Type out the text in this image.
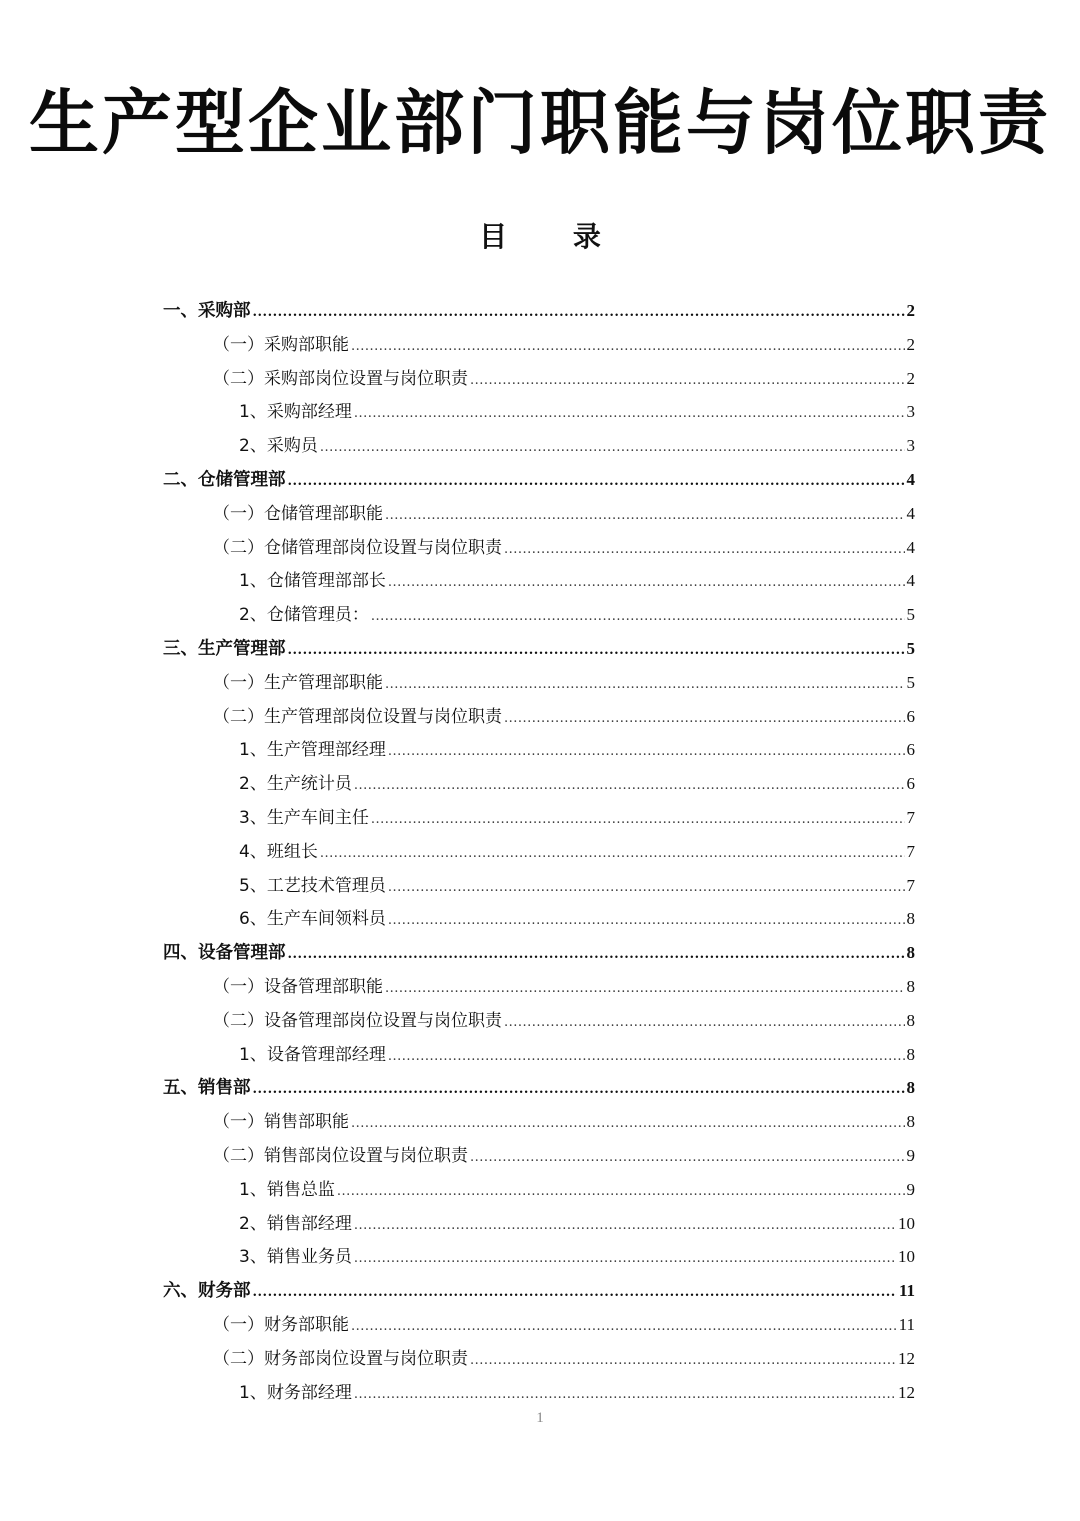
生产型企业部门职能与岗位职责
目 录
一、采购部 .....	2
（一）采购部职能 .....	2
（二）采购部岗位设置与岗位职责 .....	2
1、采购部经理 .....	3
2、采购员 .....	3
二、仓储管理部 .....	4
（一）仓储管理部职能 .....	4
（二）仓储管理部岗位设置与岗位职责 .....	4
1、仓储管理部部长 .....	4
2、仓储管理员： .....	5
三、生产管理部 .....	5
（一）生产管理部职能 .....	5
（二）生产管理部岗位设置与岗位职责 .....	6
1、生产管理部经理 .....	6
2、生产统计员 .....	6
3、生产车间主任 .....	7
4、班组长 .....	7
5、工艺技术管理员 .....	7
6、生产车间领料员 .....	8
四、设备管理部 .....	8
（一）设备管理部职能 .....	8
（二）设备管理部岗位设置与岗位职责 .....	8
1、设备管理部经理 .....	8
五、销售部 .....	8
（一）销售部职能 .....	8
（二）销售部岗位设置与岗位职责 .....	9
1、销售总监 .....	9
2、销售部经理 .....	10
3、销售业务员 .....	10
六、财务部 .....	11
（一）财务部职能 .....	11
（二）财务部岗位设置与岗位职责 .....	12
1、财务部经理 .....	12
1
